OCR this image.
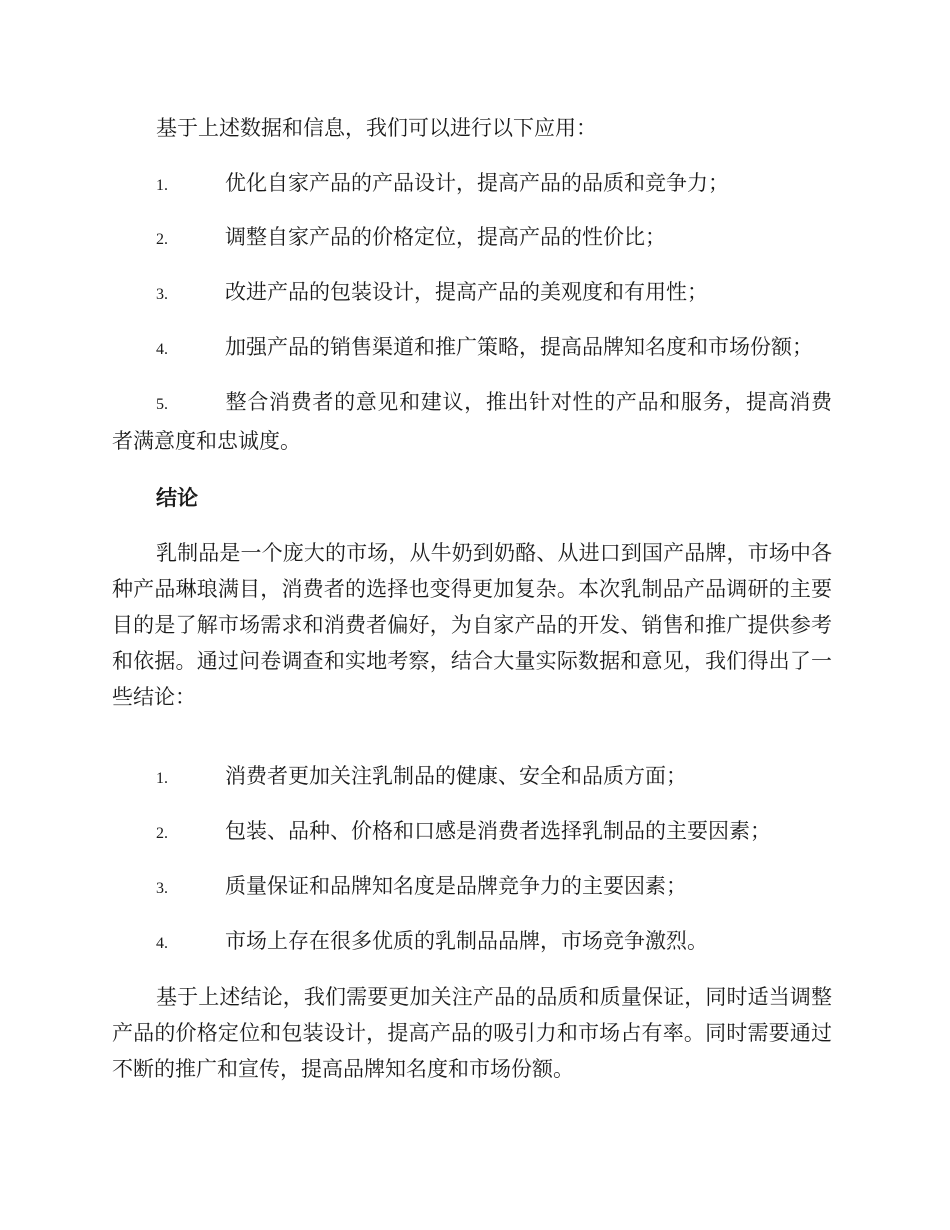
基于上述数据和信息，我们可以进行以下应用：

1.	优化自家产品的产品设计，提高产品的品质和竞争力；

2.	调整自家产品的价格定位，提高产品的性价比；

3.	改进产品的包装设计，提高产品的美观度和有用性；

4.	加强产品的销售渠道和推广策略，提高品牌知名度和市场份额；

5.	整合消费者的意见和建议，推出针对性的产品和服务，提高消费者满意度和忠诚度。

结论

乳制品是一个庞大的市场，从牛奶到奶酪、从进口到国产品牌，市场中各种产品琳琅满目，消费者的选择也变得更加复杂。本次乳制品产品调研的主要目的是了解市场需求和消费者偏好，为自家产品的开发、销售和推广提供参考和依据。通过问卷调查和实地考察，结合大量实际数据和意见，我们得出了一些结论：

1.	消费者更加关注乳制品的健康、安全和品质方面；

2.	包装、品种、价格和口感是消费者选择乳制品的主要因素；

3.	质量保证和品牌知名度是品牌竞争力的主要因素；

4.	市场上存在很多优质的乳制品品牌，市场竞争激烈。

基于上述结论，我们需要更加关注产品的品质和质量保证，同时适当调整产品的价格定位和包装设计，提高产品的吸引力和市场占有率。同时需要通过不断的推广和宣传，提高品牌知名度和市场份额。
